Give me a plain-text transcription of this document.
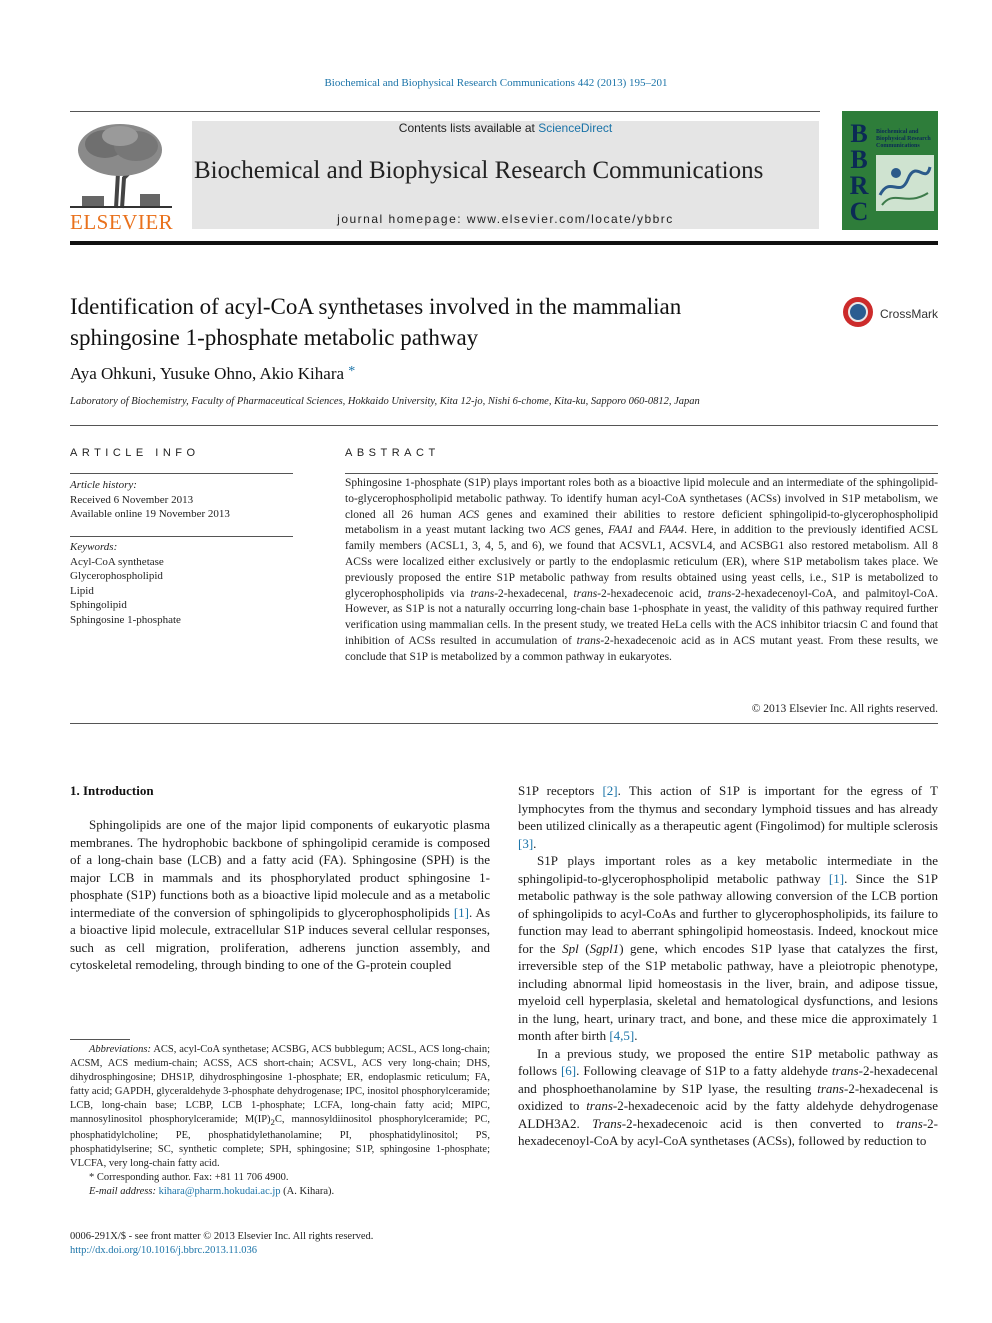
Biochemical and Biophysical Research Communications 442 (2013) 195–201
ELSEVIER
Contents lists available at ScienceDirect
Biochemical and Biophysical Research Communications
journal homepage: www.elsevier.com/locate/ybbrc
B
B
R
C
Biochemical and Biophysical Research Communications
Identification of acyl-CoA synthetases involved in the mammalian sphingosine 1-phosphate metabolic pathway
CrossMark
Aya Ohkuni, Yusuke Ohno, Akio Kihara *
Laboratory of Biochemistry, Faculty of Pharmaceutical Sciences, Hokkaido University, Kita 12-jo, Nishi 6-chome, Kita-ku, Sapporo 060-0812, Japan
ARTICLE INFO
Article history:
Received 6 November 2013
Available online 19 November 2013
Keywords:
Acyl-CoA synthetase
Glycerophospholipid
Lipid
Sphingolipid
Sphingosine 1-phosphate
ABSTRACT
Sphingosine 1-phosphate (S1P) plays important roles both as a bioactive lipid molecule and an intermediate of the sphingolipid-to-glycerophospholipid metabolic pathway. To identify human acyl-CoA synthetases (ACSs) involved in S1P metabolism, we cloned all 26 human ACS genes and examined their abilities to restore deficient sphingolipid-to-glycerophospholipid metabolism in a yeast mutant lacking two ACS genes, FAA1 and FAA4. Here, in addition to the previously identified ACSL family members (ACSL1, 3, 4, 5, and 6), we found that ACSVL1, ACSVL4, and ACSBG1 also restored metabolism. All 8 ACSs were localized either exclusively or partly to the endoplasmic reticulum (ER), where S1P metabolism takes place. We previously proposed the entire S1P metabolic pathway from results obtained using yeast cells, i.e., S1P is metabolized to glycerophospholipids via trans-2-hexadecenal, trans-2-hexadecenoic acid, trans-2-hexadecenoyl-CoA, and palmitoyl-CoA. However, as S1P is not a naturally occurring long-chain base 1-phosphate in yeast, the validity of this pathway required further verification using mammalian cells. In the present study, we treated HeLa cells with the ACS inhibitor triacsin C and found that inhibition of ACSs resulted in accumulation of trans-2-hexadecenoic acid as in ACS mutant yeast. From these results, we conclude that S1P is metabolized by a common pathway in eukaryotes.
© 2013 Elsevier Inc. All rights reserved.
1. Introduction

Sphingolipids are one of the major lipid components of eukaryotic plasma membranes. The hydrophobic backbone of sphingolipid ceramide is composed of a long-chain base (LCB) and a fatty acid (FA). Sphingosine (SPH) is the major LCB in mammals and its phosphorylated product sphingosine 1-phosphate (S1P) functions both as a bioactive lipid molecule and as a metabolic intermediate of the conversion of sphingolipids to glycerophospholipids [1]. As a bioactive lipid molecule, extracellular S1P induces several cellular responses, such as cell migration, proliferation, adherens junction assembly, and cytoskeletal remodeling, through binding to one of the G-protein coupled

Abbreviations: ACS, acyl-CoA synthetase; ACSBG, ACS bubblegum; ACSL, ACS long-chain; ACSM, ACS medium-chain; ACSS, ACS short-chain; ACSVL, ACS very long-chain; DHS, dihydrosphingosine; DHS1P, dihydrosphingosine 1-phosphate; ER, endoplasmic reticulum; FA, fatty acid; GAPDH, glyceraldehyde 3-phosphate dehydrogenase; IPC, inositol phosphorylceramide; LCB, long-chain base; LCBP, LCB 1-phosphate; LCFA, long-chain fatty acid; MIPC, mannosylinositol phosphorylceramide; $M(IP)_2C$, mannosyldiinositol phosphorylceramide; PC, phosphatidylcholine; PE, phosphatidylethanolamine; PI, phosphatidylinositol; PS, phosphatidylserine; SC, synthetic complete; SPH, sphingosine; S1P, sphingosine 1-phosphate; VLCFA, very long-chain fatty acid.

* Corresponding author. Fax: +81 11 706 4900.

E-mail address: kihara@pharm.hokudai.ac.jp (A. Kihara).

0006-291X/$ - see front matter © 2013 Elsevier Inc. All rights reserved.
http://dx.doi.org/10.1016/j.bbrc.2013.11.036

S1P receptors [2]. This action of S1P is important for the egress of T lymphocytes from the thymus and secondary lymphoid tissues and has already been utilized clinically as a therapeutic agent (Fingolimod) for multiple sclerosis [3].

S1P plays important roles as a key metabolic intermediate in the sphingolipid-to-glycerophospholipid metabolic pathway [1]. Since the S1P metabolic pathway is the sole pathway allowing conversion of the LCB portion of sphingolipids to acyl-CoAs and further to glycerophospholipids, its failure to function may lead to aberrant sphingolipid homeostasis. Indeed, knockout mice for the Spl (Sgpl1) gene, which encodes S1P lyase that catalyzes the first, irreversible step of the S1P metabolic pathway, have a pleiotropic phenotype, including abnormal lipid homeostasis in the liver, brain, and adipose tissue, myeloid cell hyperplasia, skeletal and hematological dysfunctions, and lesions in the lung, heart, urinary tract, and bone, and these mice die approximately 1 month after birth [4,5].

In a previous study, we proposed the entire S1P metabolic pathway as follows [6]. Following cleavage of S1P to a fatty aldehyde trans-2-hexadecenal and phosphoethanolamine by S1P lyase, the resulting trans-2-hexadecenal is oxidized to trans-2-hexadecenoic acid by the fatty aldehyde dehydrogenase ALDH3A2. Trans-2-hexadecenoic acid is then converted to trans-2-hexadecenoyl-CoA by acyl-CoA synthetases (ACSs), followed by reduction to
